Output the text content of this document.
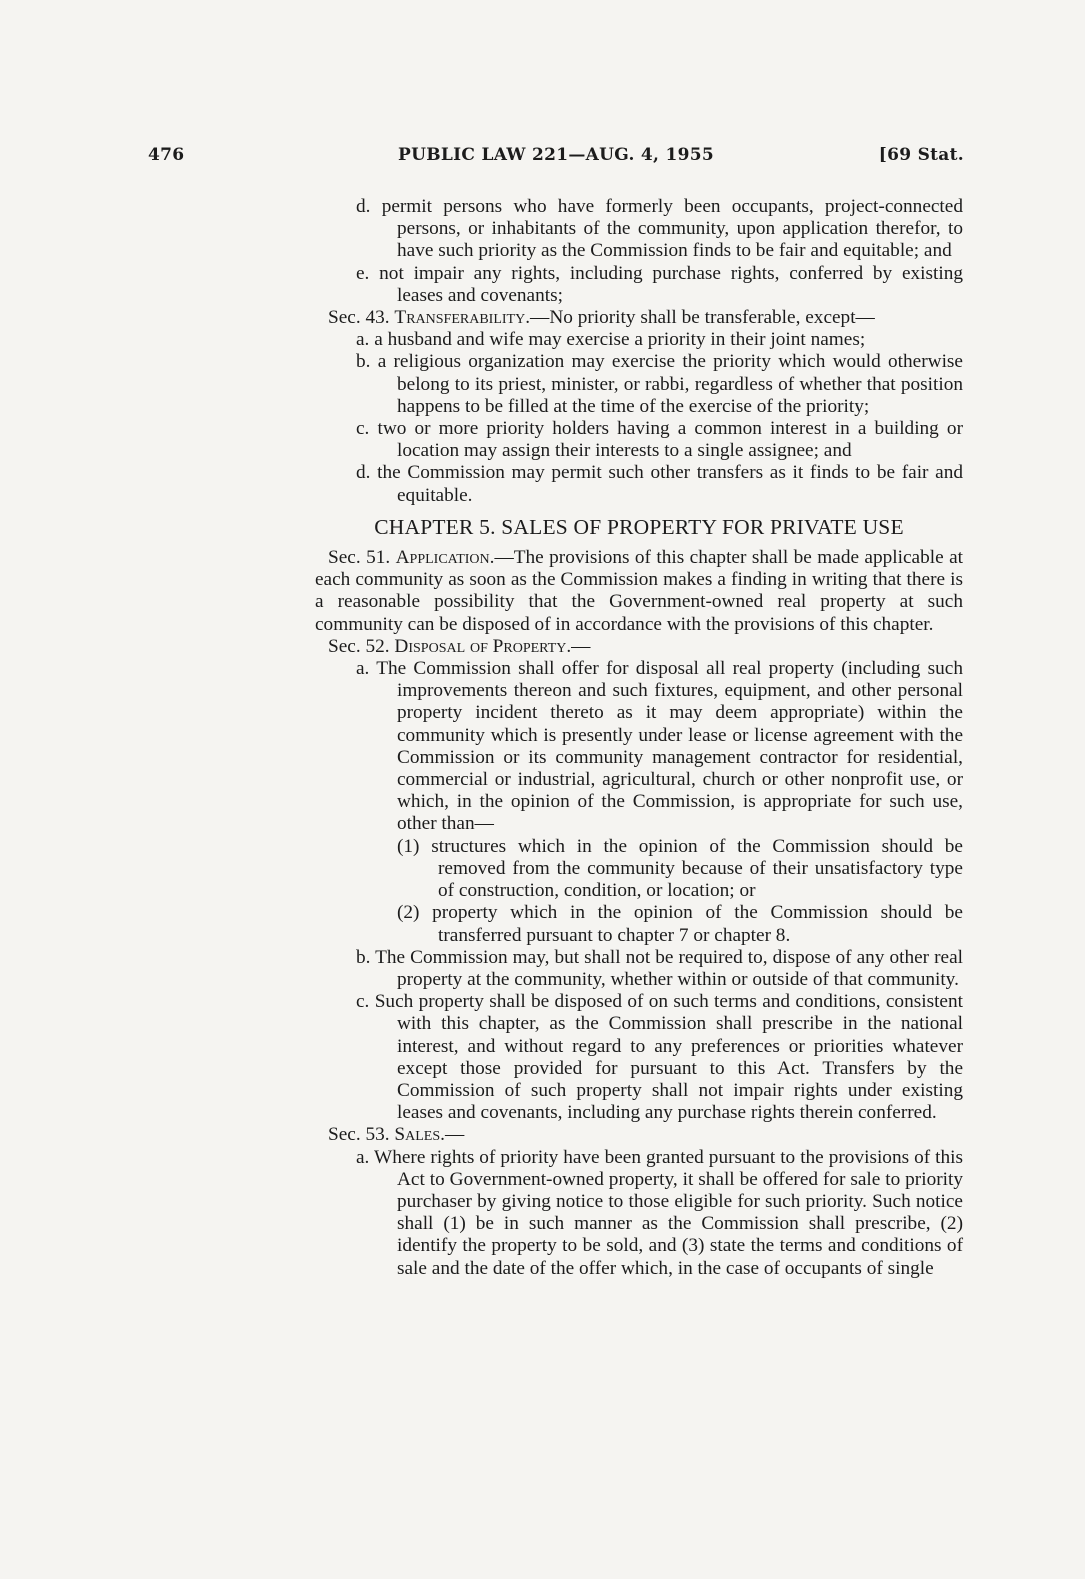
476	PUBLIC LAW 221—AUG. 4, 1955	[69 Stat.

d. permit persons who have formerly been occupants, project-connected persons, or inhabitants of the community, upon application therefor, to have such priority as the Commission finds to be fair and equitable; and

e. not impair any rights, including purchase rights, conferred by existing leases and covenants;

Sec. 43. Transferability.—No priority shall be transferable, except—

a. a husband and wife may exercise a priority in their joint names;

b. a religious organization may exercise the priority which would otherwise belong to its priest, minister, or rabbi, regardless of whether that position happens to be filled at the time of the exercise of the priority;

c. two or more priority holders having a common interest in a building or location may assign their interests to a single assignee; and

d. the Commission may permit such other transfers as it finds to be fair and equitable.

CHAPTER 5. SALES OF PROPERTY FOR PRIVATE USE

Sec. 51. Application.—The provisions of this chapter shall be made applicable at each community as soon as the Commission makes a finding in writing that there is a reasonable possibility that the Government-owned real property at such community can be disposed of in accordance with the provisions of this chapter.

Sec. 52. Disposal of Property.—

a. The Commission shall offer for disposal all real property (including such improvements thereon and such fixtures, equipment, and other personal property incident thereto as it may deem appropriate) within the community which is presently under lease or license agreement with the Commission or its community management contractor for residential, commercial or industrial, agricultural, church or other nonprofit use, or which, in the opinion of the Commission, is appropriate for such use, other than—

(1) structures which in the opinion of the Commission should be removed from the community because of their unsatisfactory type of construction, condition, or location; or

(2) property which in the opinion of the Commission should be transferred pursuant to chapter 7 or chapter 8.

b. The Commission may, but shall not be required to, dispose of any other real property at the community, whether within or outside of that community.

c. Such property shall be disposed of on such terms and conditions, consistent with this chapter, as the Commission shall prescribe in the national interest, and without regard to any preferences or priorities whatever except those provided for pursuant to this Act. Transfers by the Commission of such property shall not impair rights under existing leases and covenants, including any purchase rights therein conferred.

Sec. 53. Sales.—

a. Where rights of priority have been granted pursuant to the provisions of this Act to Government-owned property, it shall be offered for sale to priority purchaser by giving notice to those eligible for such priority. Such notice shall (1) be in such manner as the Commission shall prescribe, (2) identify the property to be sold, and (3) state the terms and conditions of sale and the date of the offer which, in the case of occupants of single
